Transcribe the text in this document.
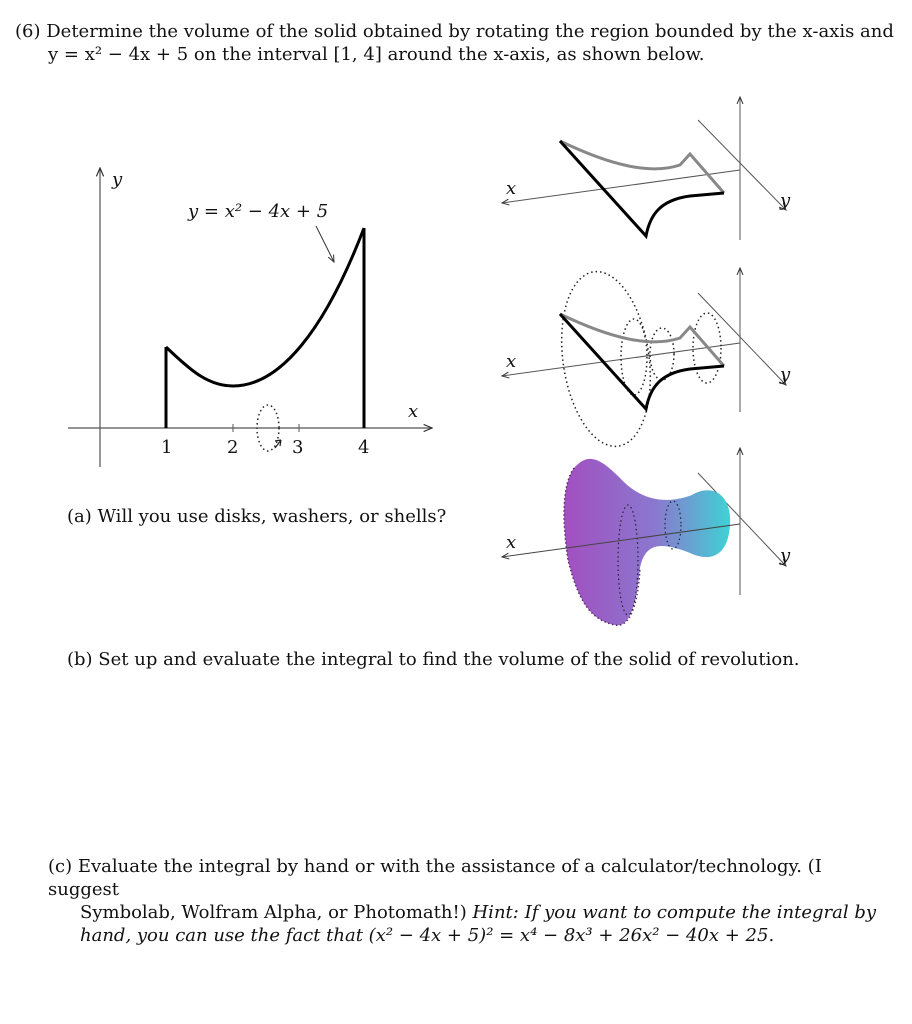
(6) Determine the volume of the solid obtained by rotating the region bounded by the x-axis and
y = x² − 4x + 5 on the interval [1, 4] around the x-axis, as shown below.
y
x
y = x² − 4x + 5
1	2	3	4
x
y
x
y
x
y
(a) Will you use disks, washers, or shells?
(b) Set up and evaluate the integral to find the volume of the solid of revolution.
(c) Evaluate the integral by hand or with the assistance of a calculator/technology. (I suggest
Symbolab, Wolfram Alpha, or Photomath!) Hint: If you want to compute the integral by
hand, you can use the fact that (x² − 4x + 5)² = x⁴ − 8x³ + 26x² − 40x + 25.
